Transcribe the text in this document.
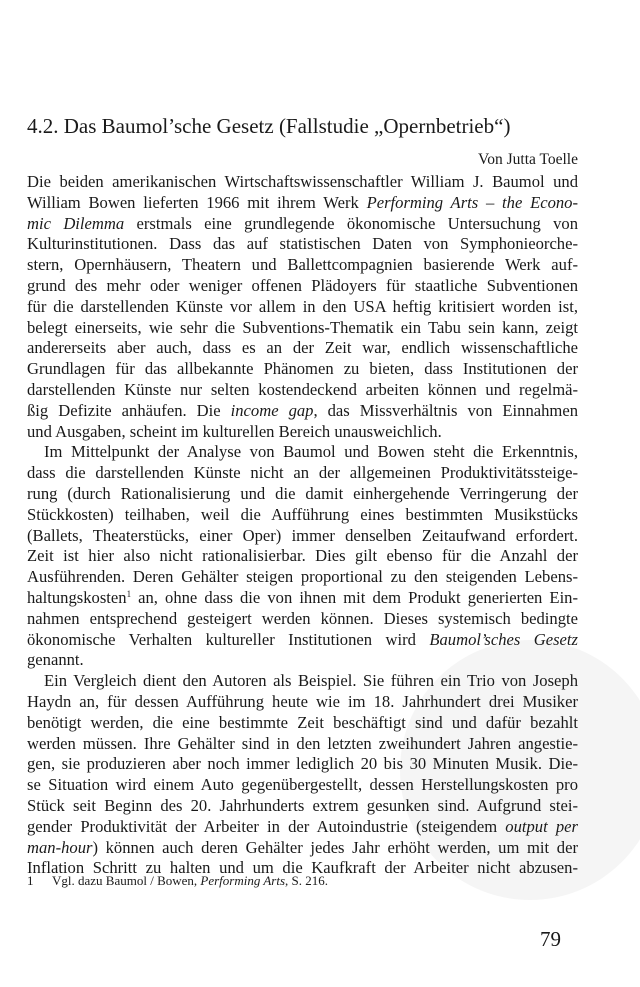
4.2. Das Baumol’sche Gesetz (Fallstudie „Opernbetrieb“)
Von Jutta Toelle
Die beiden amerikanischen Wirtschaftswissenschaftler William J. Baumol und
William Bowen lieferten 1966 mit ihrem Werk Performing Arts – the Econo-
mic Dilemma erstmals eine grundlegende ökonomische Untersuchung von
Kulturinstitutionen. Dass das auf statistischen Daten von Symphonieorche-
stern, Opernhäusern, Theatern und Ballettcompagnien basierende Werk auf-
grund des mehr oder weniger offenen Plädoyers für staatliche Subventionen
für die darstellenden Künste vor allem in den USA heftig kritisiert worden ist,
belegt einerseits, wie sehr die Subventions-Thematik ein Tabu sein kann, zeigt
andererseits aber auch, dass es an der Zeit war, endlich wissenschaftliche
Grundlagen für das allbekannte Phänomen zu bieten, dass Institutionen der
darstellenden Künste nur selten kostendeckend arbeiten können und regelmä-
ßig Defizite anhäufen. Die income gap, das Missverhältnis von Einnahmen
und Ausgaben, scheint im kulturellen Bereich unausweichlich.
Im Mittelpunkt der Analyse von Baumol und Bowen steht die Erkenntnis,
dass die darstellenden Künste nicht an der allgemeinen Produktivitätssteige-
rung (durch Rationalisierung und die damit einhergehende Verringerung der
Stückkosten) teilhaben, weil die Aufführung eines bestimmten Musikstücks
(Ballets, Theaterstücks, einer Oper) immer denselben Zeitaufwand erfordert.
Zeit ist hier also nicht rationalisierbar. Dies gilt ebenso für die Anzahl der
Ausführenden. Deren Gehälter steigen proportional zu den steigenden Lebens-
haltungskosten$^1$ an, ohne dass die von ihnen mit dem Produkt generierten Ein-
nahmen entsprechend gesteigert werden können. Dieses systemisch bedingte
ökonomische Verhalten kultureller Institutionen wird Baumol’sches Gesetz
genannt.
Ein Vergleich dient den Autoren als Beispiel. Sie führen ein Trio von Joseph
Haydn an, für dessen Aufführung heute wie im 18. Jahrhundert drei Musiker
benötigt werden, die eine bestimmte Zeit beschäftigt sind und dafür bezahlt
werden müssen. Ihre Gehälter sind in den letzten zweihundert Jahren angestie-
gen, sie produzieren aber noch immer lediglich 20 bis 30 Minuten Musik. Die-
se Situation wird einem Auto gegenübergestellt, dessen Herstellungskosten pro
Stück seit Beginn des 20. Jahrhunderts extrem gesunken sind. Aufgrund stei-
gender Produktivität der Arbeiter in der Autoindustrie (steigendem output per
man-hour) können auch deren Gehälter jedes Jahr erhöht werden, um mit der
Inflation Schritt zu halten und um die Kaufkraft der Arbeiter nicht abzusen-
1 Vgl. dazu Baumol / Bowen, Performing Arts, S. 216.
79
